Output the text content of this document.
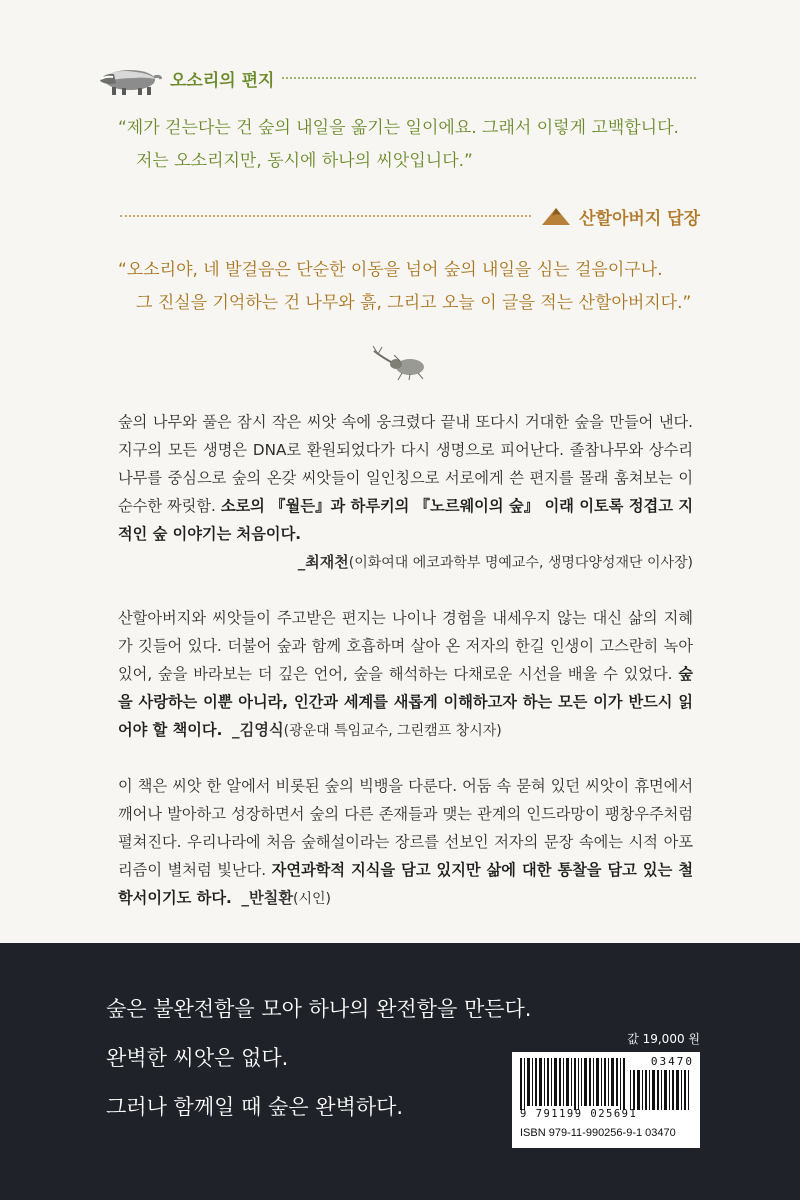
오소리의 편지

“제가 걷는다는 건 숲의 내일을 옮기는 일이에요. 그래서 이렇게 고백합니다.

저는 오소리지만, 동시에 하나의 씨앗입니다.”

산할아버지 답장

“오소리야, 네 발걸음은 단순한 이동을 넘어 숲의 내일을 심는 걸음이구나.

그 진실을 기억하는 건 나무와 흙, 그리고 오늘 이 글을 적는 산할아버지다.”

숲의 나무와 풀은 잠시 작은 씨앗 속에 웅크렸다 끝내 또다시 거대한 숲을 만들어 낸다. 지구의 모든 생명은 DNA로 환원되었다가 다시 생명으로 피어난다. 졸참나무와 상수리나무를 중심으로 숲의 온갖 씨앗들이 일인칭으로 서로에게 쓴 편지를 몰래 훔쳐보는 이 순수한 짜릿함. 소로의 『월든』과 하루키의 『노르웨이의 숲』 이래 이토록 정겹고 지적인 숲 이야기는 처음이다.

_최재천(이화여대 에코과학부 명예교수, 생명다양성재단 이사장)

산할아버지와 씨앗들이 주고받은 편지는 나이나 경험을 내세우지 않는 대신 삶의 지혜가 깃들어 있다. 더불어 숲과 함께 호흡하며 살아 온 저자의 한길 인생이 고스란히 녹아 있어, 숲을 바라보는 더 깊은 언어, 숲을 해석하는 다채로운 시선을 배울 수 있었다. 숲을 사랑하는 이뿐 아니라, 인간과 세계를 새롭게 이해하고자 하는 모든 이가 반드시 읽어야 할 책이다. _김영식(광운대 특임교수, 그린캠프 창시자)

이 책은 씨앗 한 알에서 비롯된 숲의 빅뱅을 다룬다. 어둠 속 묻혀 있던 씨앗이 휴면에서 깨어나 발아하고 성장하면서 숲의 다른 존재들과 맺는 관계의 인드라망이 팽창우주처럼 펼쳐진다. 우리나라에 처음 숲해설이라는 장르를 선보인 저자의 문장 속에는 시적 아포리즘이 별처럼 빛난다. 자연과학적 지식을 담고 있지만 삶에 대한 통찰을 담고 있는 철학서이기도 하다. _반칠환(시인)

숲은 불완전함을 모아 하나의 완전함을 만든다.

완벽한 씨앗은 없다.

그러나 함께일 때 숲은 완벽하다.

값 19,000 원
03470
9 791199 025691
ISBN 979-11-990256-9-1 03470
